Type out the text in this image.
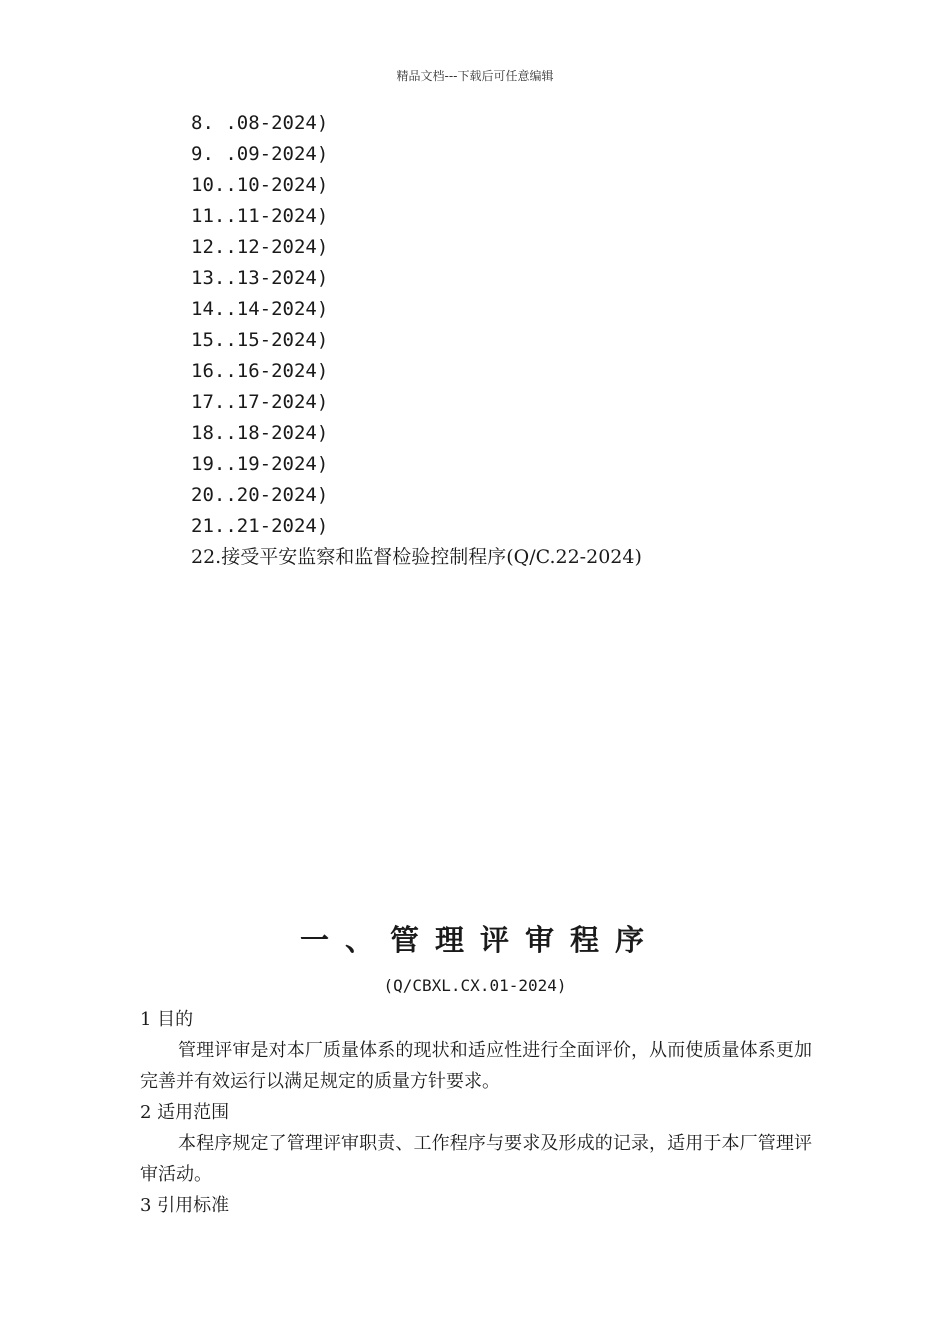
精品文档---下载后可任意编辑
8. .08-2024)
9. .09-2024)
10..10-2024)
11..11-2024)
12..12-2024)
13..13-2024)
14..14-2024)
15..15-2024)
16..16-2024)
17..17-2024)
18..18-2024)
19..19-2024)
20..20-2024)
21..21-2024)
22.接受平安监察和监督检验控制程序(Q/C.22-2024)
一、管理评审程序
(Q/CBXL.CX.01-2024)

1 目的

管理评审是对本厂质量体系的现状和适应性进行全面评价，从而使质量体系更加完善并有效运行以满足规定的质量方针要求。

2 适用范围

本程序规定了管理评审职责、工作程序与要求及形成的记录，适用于本厂管理评审活动。

3 引用标准
